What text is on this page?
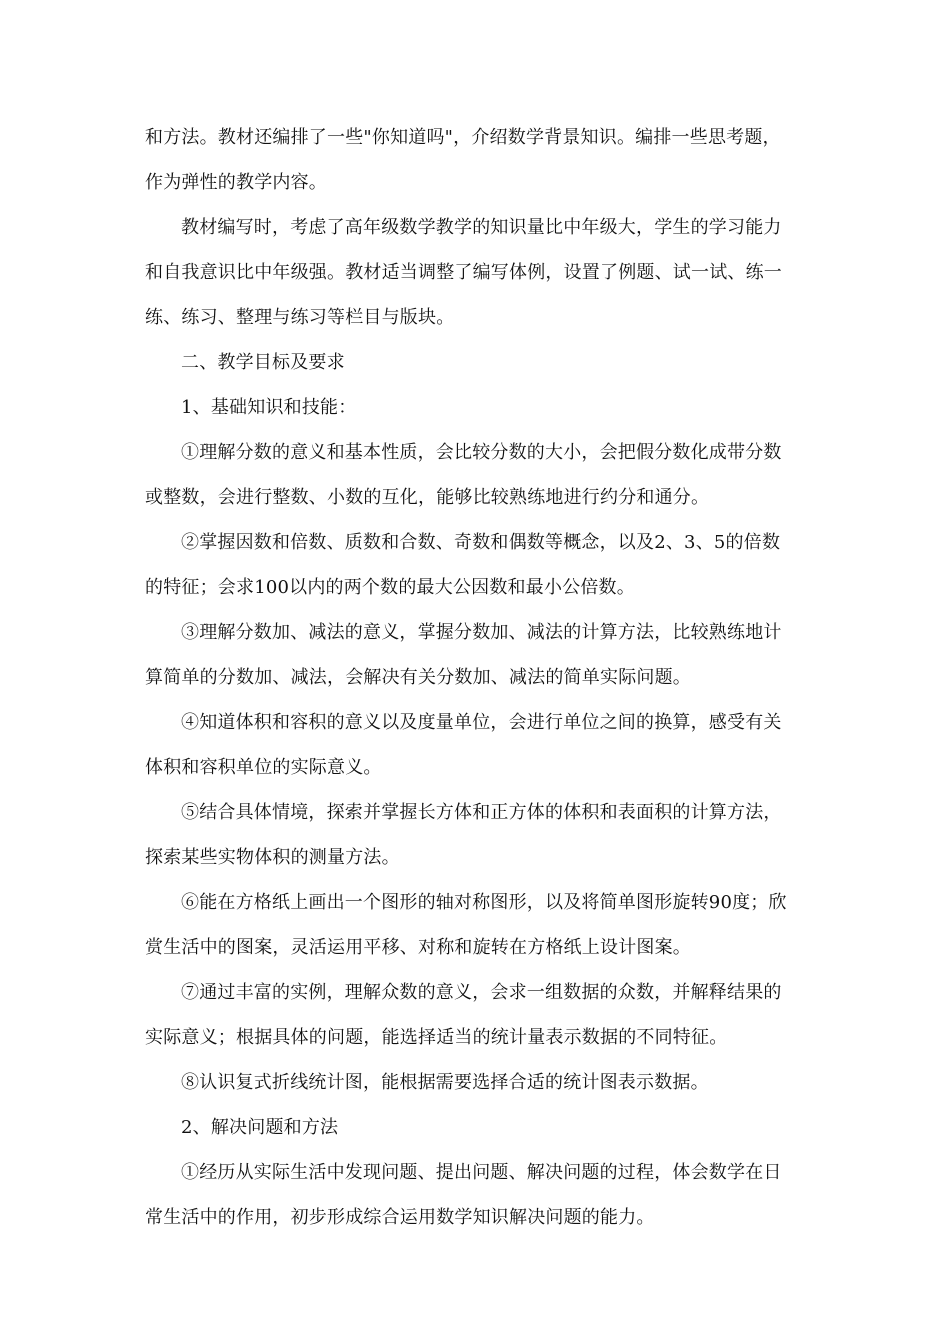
和方法。教材还编排了一些"你知道吗"，介绍数学背景知识。编排一些思考题，
作为弹性的教学内容。
教材编写时，考虑了高年级数学教学的知识量比中年级大，学生的学习能力
和自我意识比中年级强。教材适当调整了编写体例，设置了例题、试一试、练一
练、练习、整理与练习等栏目与版块。
二、教学目标及要求
1、基础知识和技能：
①理解分数的意义和基本性质，会比较分数的大小，会把假分数化成带分数
或整数，会进行整数、小数的互化，能够比较熟练地进行约分和通分。
②掌握因数和倍数、质数和合数、奇数和偶数等概念，以及2、3、5的倍数
的特征；会求100以内的两个数的最大公因数和最小公倍数。
③理解分数加、减法的意义，掌握分数加、减法的计算方法，比较熟练地计
算简单的分数加、减法，会解决有关分数加、减法的简单实际问题。
④知道体积和容积的意义以及度量单位，会进行单位之间的换算，感受有关
体积和容积单位的实际意义。
⑤结合具体情境，探索并掌握长方体和正方体的体积和表面积的计算方法，
探索某些实物体积的测量方法。
⑥能在方格纸上画出一个图形的轴对称图形，以及将简单图形旋转90度；欣
赏生活中的图案，灵活运用平移、对称和旋转在方格纸上设计图案。
⑦通过丰富的实例，理解众数的意义，会求一组数据的众数，并解释结果的
实际意义；根据具体的问题，能选择适当的统计量表示数据的不同特征。
⑧认识复式折线统计图，能根据需要选择合适的统计图表示数据。
2、解决问题和方法
①经历从实际生活中发现问题、提出问题、解决问题的过程，体会数学在日
常生活中的作用，初步形成综合运用数学知识解决问题的能力。
